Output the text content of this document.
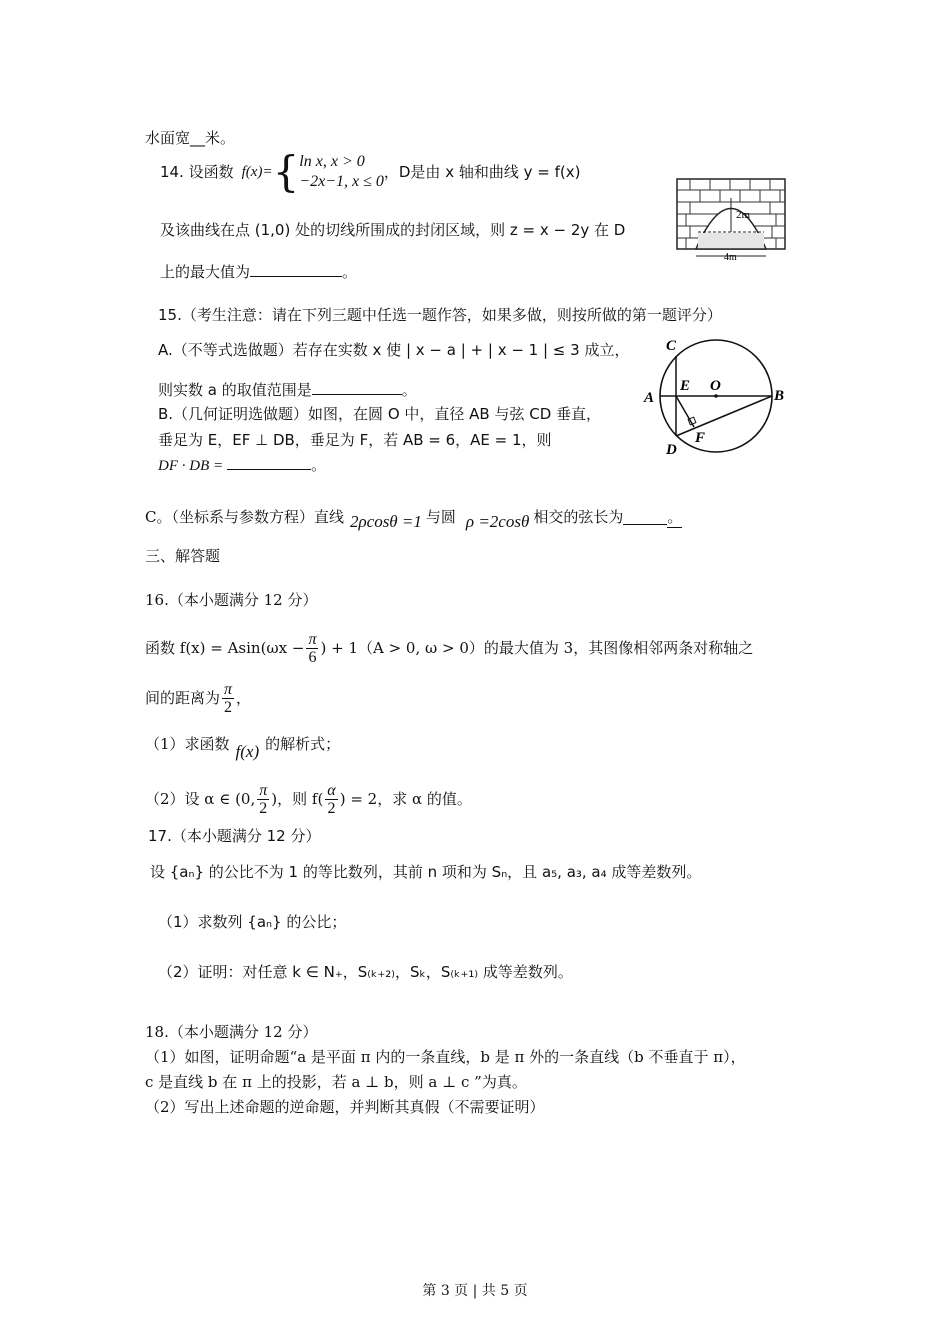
水面宽__米。
14. 设函数 f(x)= { ln x, x > 0
−2x−1, x ≤ 0
，D是由 x 轴和曲线 y = f(x)
及该曲线在点 (1,0) 处的切线所围成的封闭区域，则 z = x − 2y 在 D
上的最大值为	。
2m
4m
15.（考生注意：请在下列三题中任选一题作答，如果多做，则按所做的第一题评分）
A.（不等式选做题）若存在实数 x 使 | x − a | + | x − 1 | ≤ 3 成立，
则实数 a 的取值范围是	。
B.（几何证明选做题）如图，在圆 O 中，直径 AB 与弦 CD 垂直，
垂足为 E，EF ⊥ DB，垂足为 F，若 AB = 6，AE = 1，则
DF · DB =	。
C
A
E O
B
D
F
C。（坐标系与参数方程）直线 2ρcosθ =1 与圆 ρ =2cosθ 相交的弦长为	。
三、解答题
16.（本小题满分 12 分）
函数 $f(x) = Asin(\omega x - \frac{\pi}{6}$ ) + 1（A > 0, ω > 0）的最大值为 3，其图像相邻两条对称轴之
间的距离为 $\frac{\pi}{2}$ ，
（1）求函数 f(x) 的解析式；
（2）设 α ∈ (0, $\frac{\pi}{2}$ )，则 $f( \frac{\alpha}{2}$ ) = 2，求 α 的值。
17.（本小题满分 12 分）
设 {aₙ} 的公比不为 1 的等比数列，其前 n 项和为 Sₙ，且 a₅, a₃, a₄ 成等差数列。
（1）求数列 {aₙ} 的公比；
（2）证明：对任意 k ∈ N₊，S₍ₖ₊₂₎，Sₖ，S₍ₖ₊₁₎ 成等差数列。
18.（本小题满分 12 分）
（1）如图，证明命题“a 是平面 π 内的一条直线，b 是 π 外的一条直线（b 不垂直于 π），
c 是直线 b 在 π 上的投影，若 a ⊥ b，则 a ⊥ c ”为真。
（2）写出上述命题的逆命题，并判断其真假（不需要证明）
第 3 页 | 共 5 页
